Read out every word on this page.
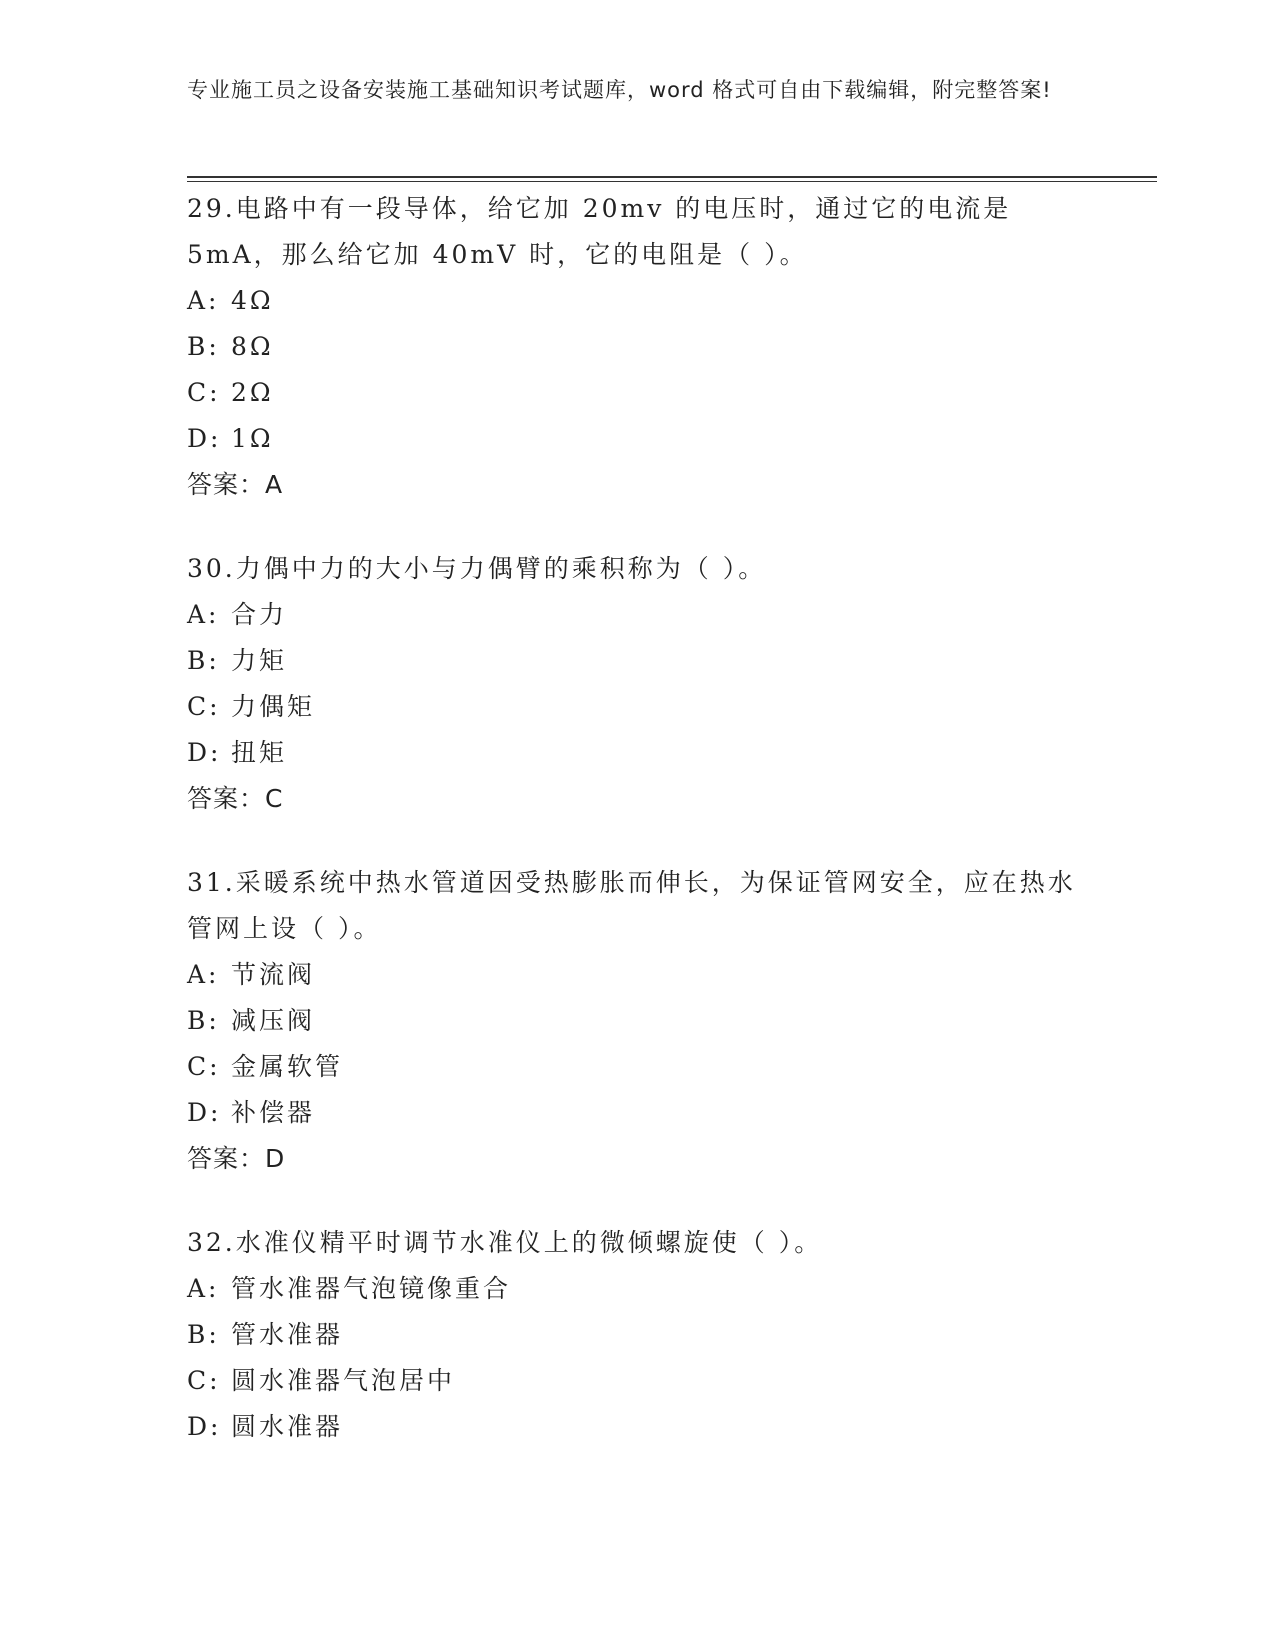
专业施工员之设备安装施工基础知识考试题库，word 格式可自由下载编辑，附完整答案!

29.电路中有一段导体，给它加 20mv 的电压时，通过它的电流是 5mA，那么给它加 40mV 时，它的电阻是（ ）。

A: 4Ω

B: 8Ω

C: 2Ω

D: 1Ω

答案：A

30.力偶中力的大小与力偶臂的乘积称为（ ）。

A: 合力

B: 力矩

C: 力偶矩

D: 扭矩

答案：C

31.采暖系统中热水管道因受热膨胀而伸长，为保证管网安全，应在热水管网上设（ ）。

A: 节流阀

B: 减压阀

C: 金属软管

D: 补偿器

答案：D

32.水准仪精平时调节水准仪上的微倾螺旋使（ ）。

A: 管水准器气泡镜像重合

B: 管水准器

C: 圆水准器气泡居中

D: 圆水准器
